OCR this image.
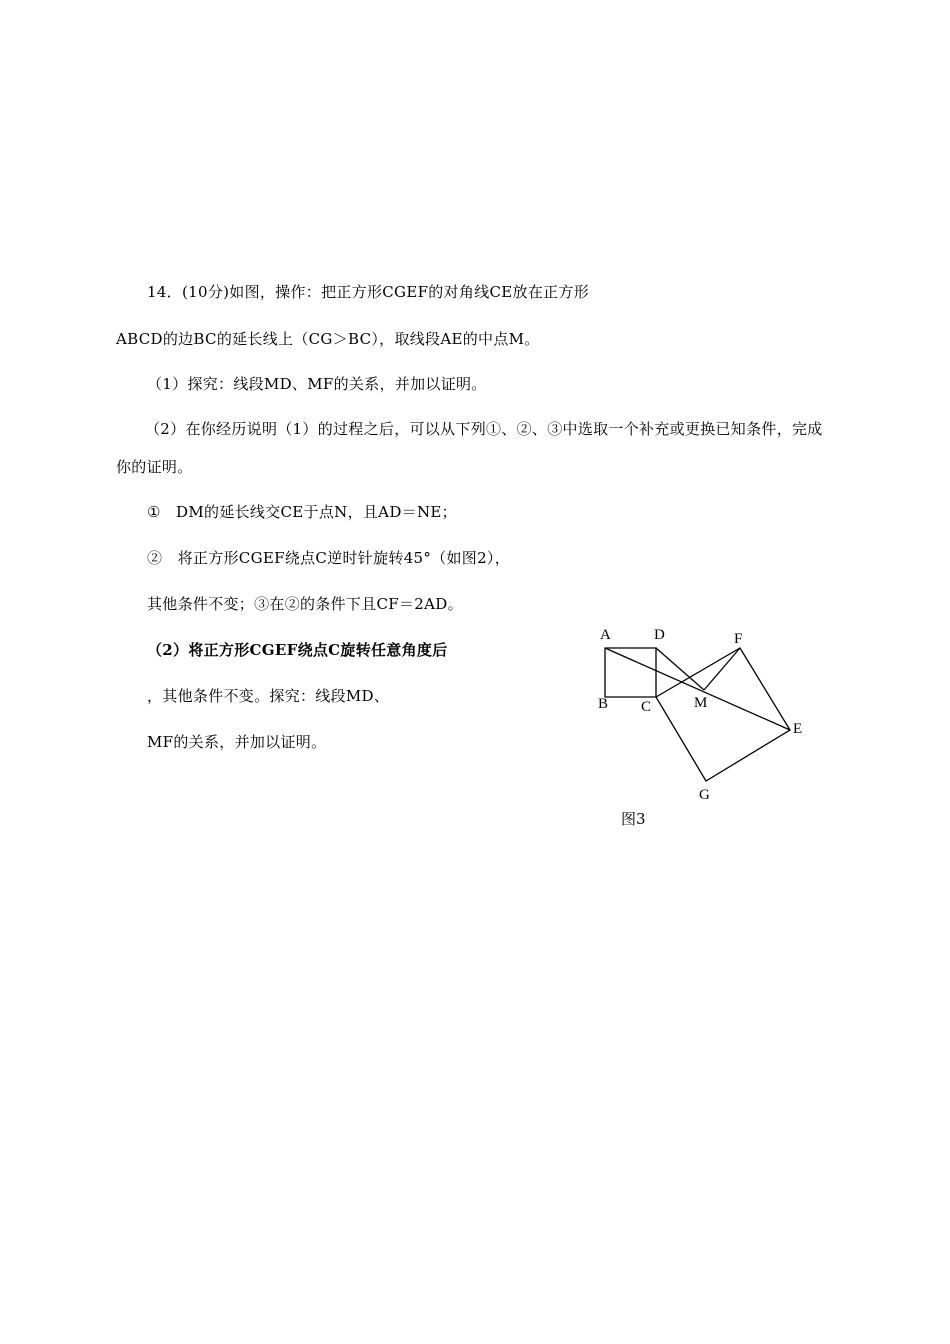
14．(10分)如图，操作：把正方形CGEF的对角线CE放在正方形
ABCD的边BC的延长线上（CG＞BC），取线段AE的中点M。
（1）探究：线段MD、MF的关系，并加以证明。
（2）在你经历说明（1）的过程之后，可以从下列①、②、③中选取一个补充或更换已知条件，完成
你的证明。
①　DM的延长线交CE于点N，且AD＝NE；
②　将正方形CGEF绕点C逆时针旋转45°（如图2），
其他条件不变；③在②的条件下且CF＝2AD。
（2）将正方形CGEF绕点C旋转任意角度后
，其他条件不变。探究：线段MD、
MF的关系，并加以证明。
A	D	F
B C	M
E
G
图3
